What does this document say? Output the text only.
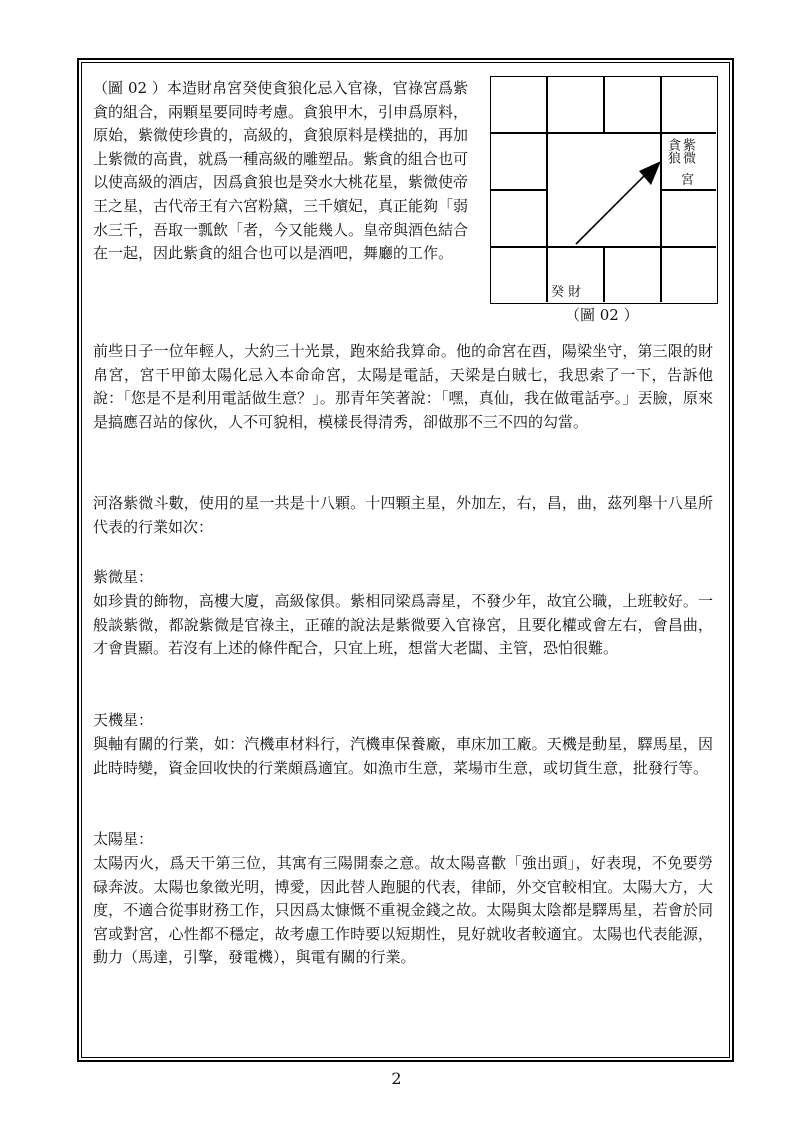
（圖 02 ）本造財帛宮癸使貪狼化忌入官祿，官祿宮爲紫貪的組合，兩顆星要同時考慮。貪狼甲木，引申爲原料，原始，紫微使珍貴的，高級的，貪狼原料是樸拙的，再加上紫微的高貴，就爲一種高級的雕塑品。紫貪的組合也可以使高級的酒店，因爲貪狼也是癸水大桃花星，紫微使帝王之星，古代帝王有六宮粉黛，三千嬪妃，真正能夠「弱水三千，吾取一瓢飲「者，今又能幾人。皇帝與酒色結合在一起，因此紫貪的組合也可以是酒吧，舞廳的工作。

紫微
貪狼
宮
癸 財
（圖 02 ）

前些日子一位年輕人，大約三十光景，跑來給我算命。他的命宮在酉，陽梁坐守，第三限的財帛宮，宮干甲節太陽化忌入本命命宮，太陽是電話，天梁是白賊七，我思索了一下，告訴他說：「您是不是利用電話做生意？」。那青年笑著說：「嘿，真仙，我在做電話亭。」丟臉，原來是搞應召站的傢伙，人不可貌相，模樣長得清秀，卻做那不三不四的勾當。

河洛紫微斗數，使用的星一共是十八顆。十四顆主星，外加左，右，昌，曲，茲列舉十八星所代表的行業如次：

紫微星：

如珍貴的飾物，高樓大廈，高級傢俱。紫相同梁爲壽星，不發少年，故宜公職，上班較好。一般談紫微，都說紫微是官祿主，正確的說法是紫微要入官祿宮，且要化權或會左右，會昌曲，才會貴顯。若沒有上述的條件配合，只宜上班，想當大老闆、主管，恐怕很難。

天機星：

與軸有關的行業，如：汽機車材料行，汽機車保養廠，車床加工廠。天機是動星，驛馬星，因此時時變，資金回收快的行業頗爲適宜。如漁市生意，菜場市生意，或切貨生意，批發行等。

太陽星：

太陽丙火，爲天干第三位，其寓有三陽開泰之意。故太陽喜歡「強出頭」，好表現，不免要勞碌奔波。太陽也象徵光明，博愛，因此替人跑腿的代表，律師，外交官較相宜。太陽大方，大度，不適合從事財務工作，只因爲太慷慨不重視金錢之故。太陽與太陰都是驛馬星，若會於同宮或對宮，心性都不穩定，故考慮工作時要以短期性，見好就收者較適宜。太陽也代表能源，動力（馬達，引擎，發電機），與電有關的行業。

2
